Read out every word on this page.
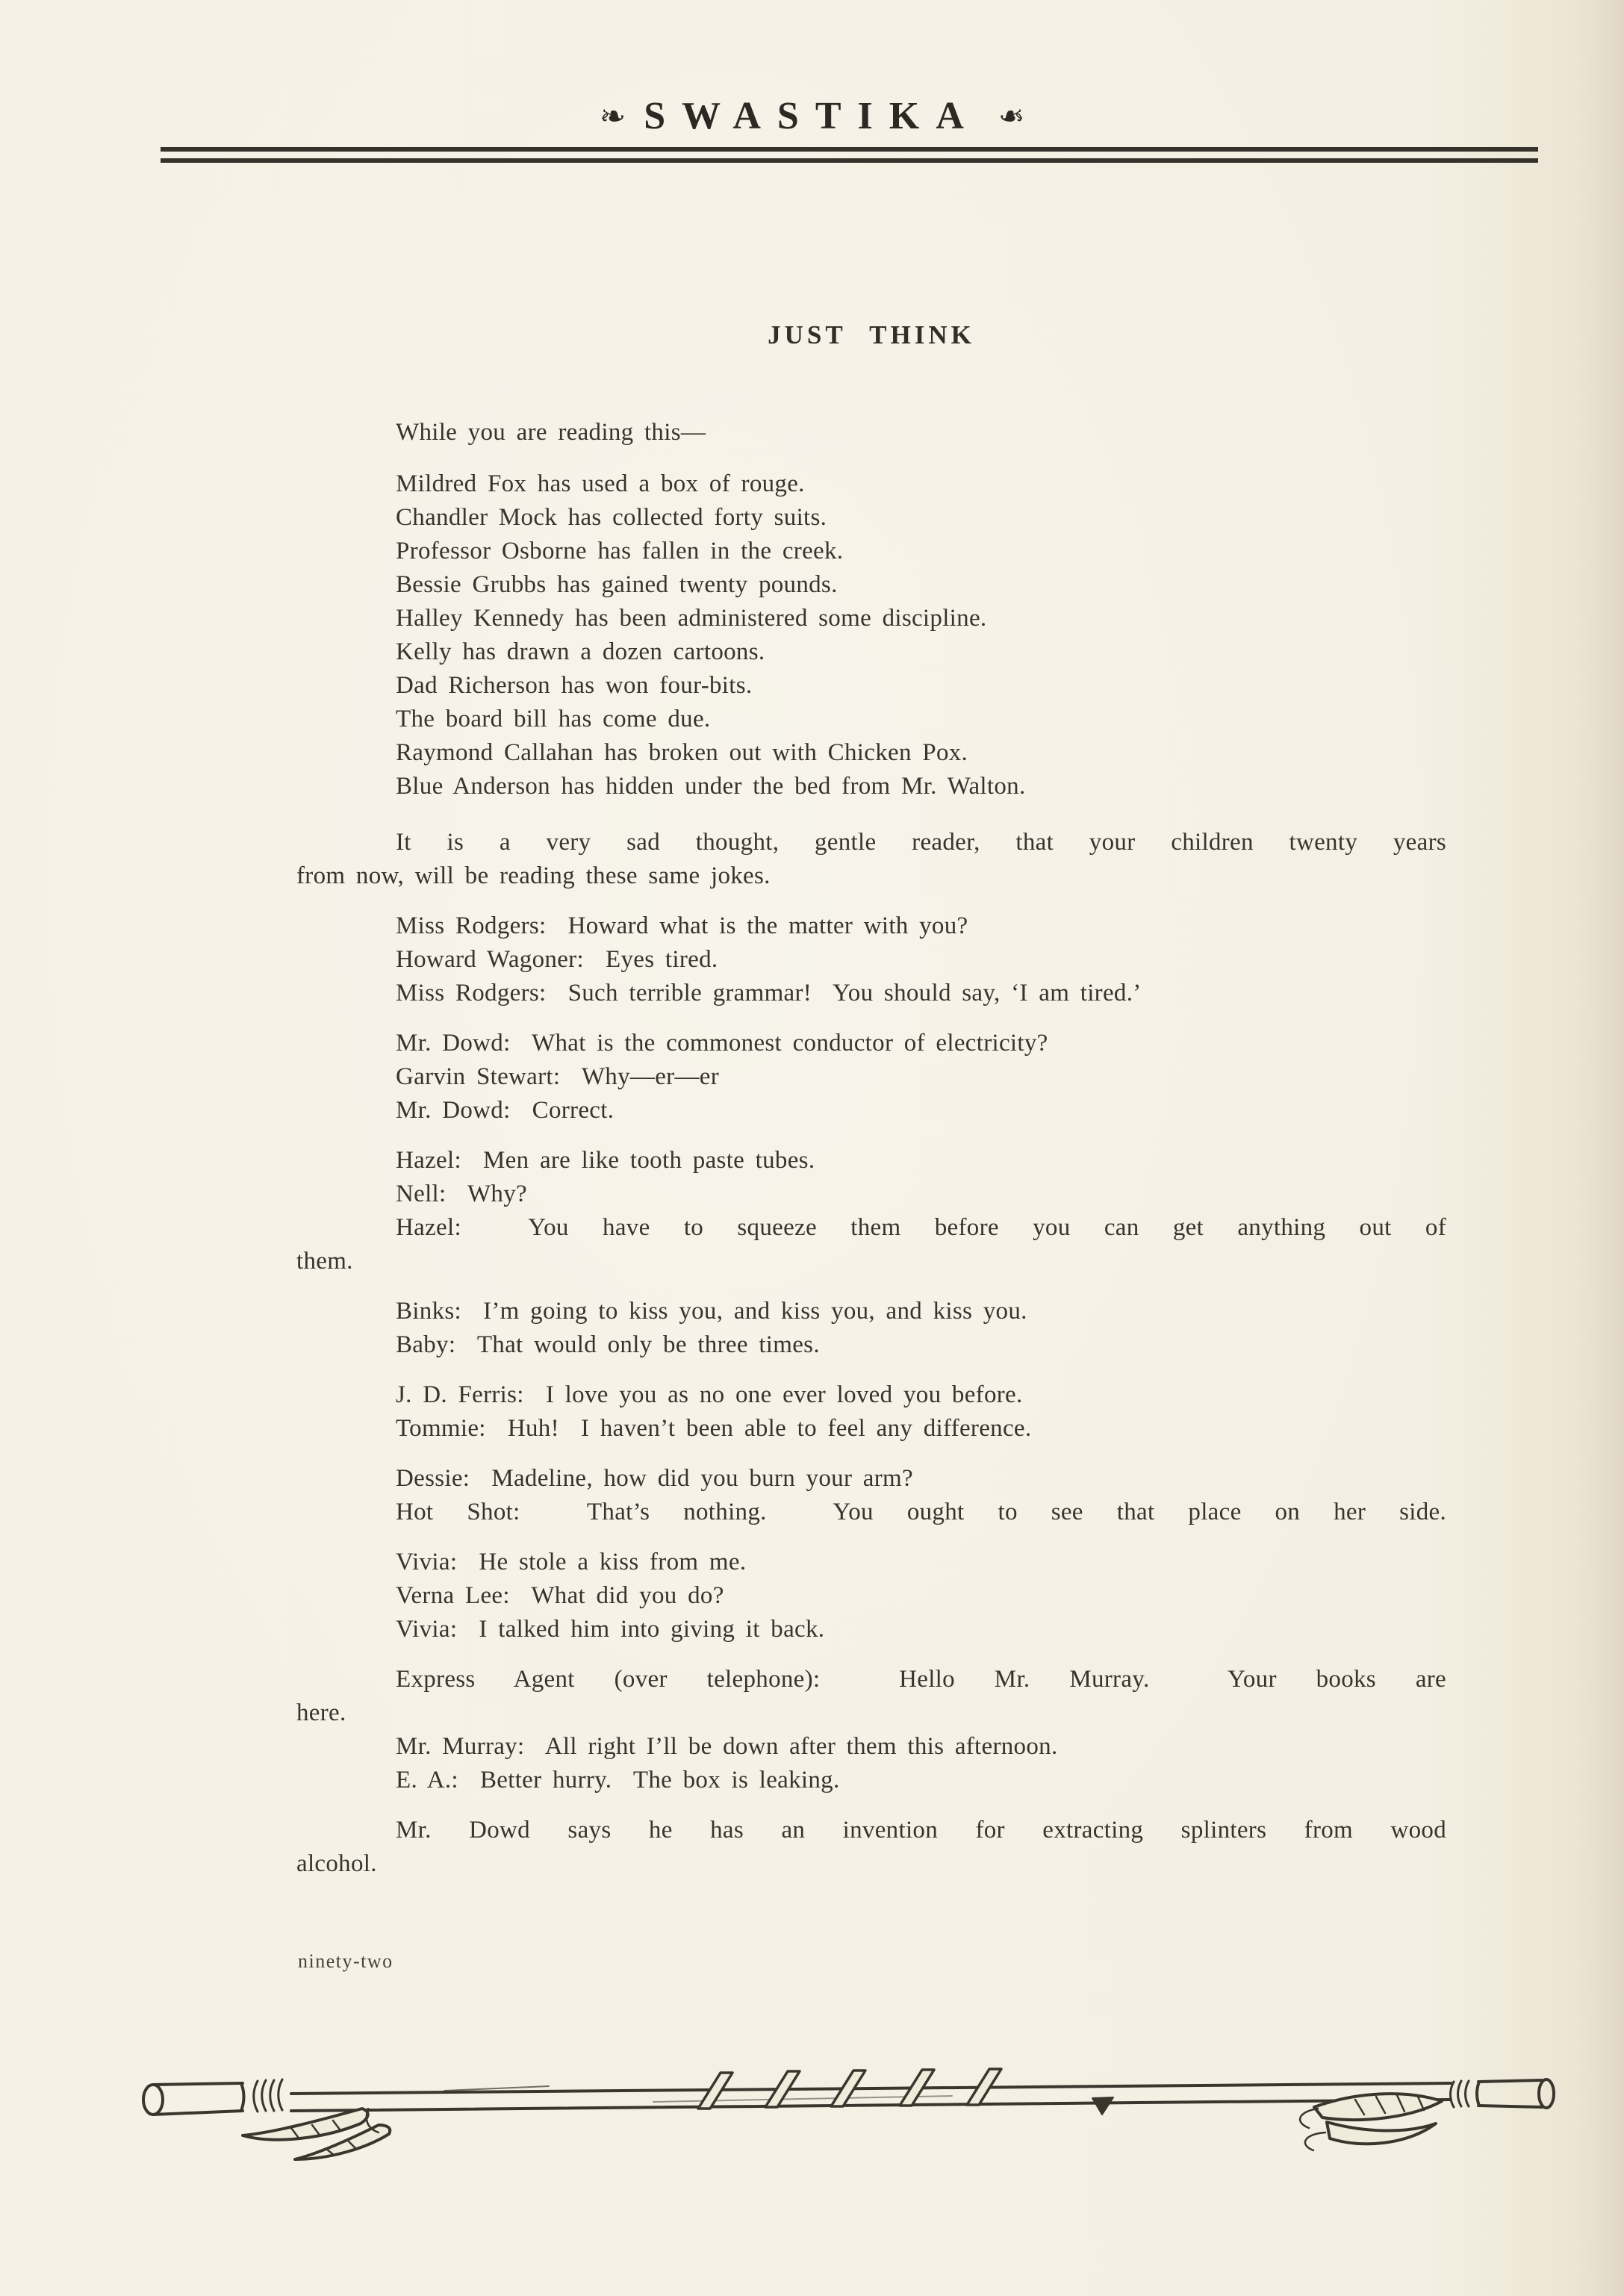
❧ SWASTIKA ❧
JUST THINK

While you are reading this—

Mildred Fox has used a box of rouge.

Chandler Mock has collected forty suits.

Professor Osborne has fallen in the creek.

Bessie Grubbs has gained twenty pounds.

Halley Kennedy has been administered some discipline.

Kelly has drawn a dozen cartoons.

Dad Richerson has won four-bits.

The board bill has come due.

Raymond Callahan has broken out with Chicken Pox.

Blue Anderson has hidden under the bed from Mr. Walton.

It is a very sad thought, gentle reader, that your children twenty years

from now, will be reading these same jokes.

Miss Rodgers:  Howard what is the matter with you?

Howard Wagoner:  Eyes tired.

Miss Rodgers:  Such terrible grammar!  You should say, ‘I am tired.’

Mr. Dowd:  What is the commonest conductor of electricity?

Garvin Stewart:  Why—er—er

Mr. Dowd:  Correct.

Hazel:  Men are like tooth paste tubes.

Nell:  Why?

Hazel:  You have to squeeze them before you can get anything out of

them.

Binks:  I’m going to kiss you, and kiss you, and kiss you.

Baby:  That would only be three times.

J. D. Ferris:  I love you as no one ever loved you before.

Tommie:  Huh!  I haven’t been able to feel any difference.

Dessie:  Madeline, how did you burn your arm?

Hot Shot:  That’s nothing.  You ought to see that place on her side.

Vivia:  He stole a kiss from me.

Verna Lee:  What did you do?

Vivia:  I talked him into giving it back.

Express Agent (over telephone):  Hello Mr. Murray.  Your books are

here.

Mr. Murray:  All right I’ll be down after them this afternoon.

E. A.:  Better hurry.  The box is leaking.

Mr. Dowd says he has an invention for extracting splinters from wood

alcohol.

ninety-two
